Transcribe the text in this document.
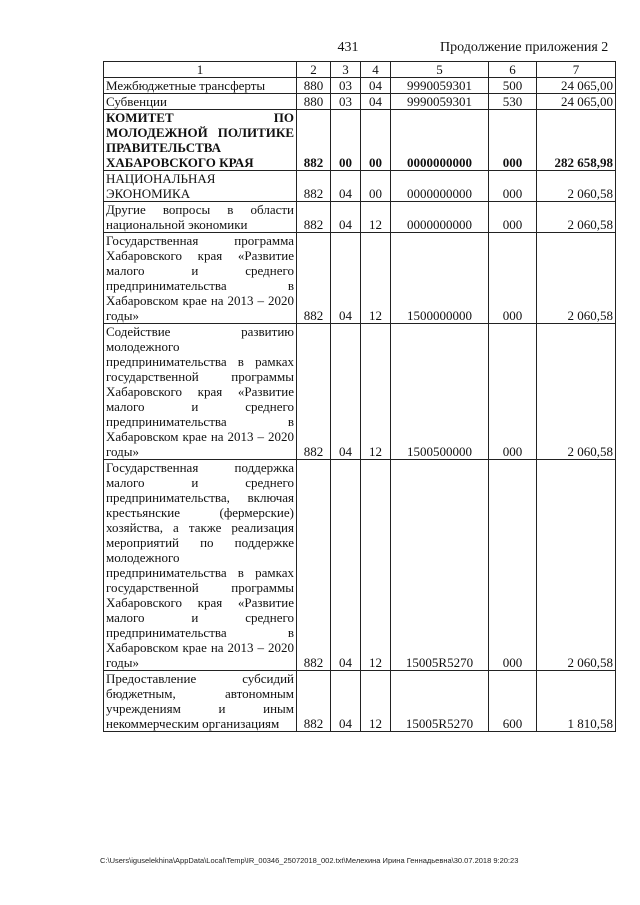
431	Продолжение приложения 2
1	2	3	4	5	6	7
Межбюджетные трансферты	880	03	04	9990059301	500	24 065,00
Субвенции	880	03	04	9990059301	530	24 065,00
КОМИТЕТ ПО МОЛОДЕЖНОЙ ПОЛИТИКЕ ПРАВИТЕЛЬСТВА ХАБАРОВСКОГО КРАЯ	882	00	00	0000000000	000	282 658,98
НАЦИОНАЛЬНАЯ ЭКОНОМИКА	882	04	00	0000000000	000	2 060,58
Другие вопросы в области национальной экономики	882	04	12	0000000000	000	2 060,58
Государственная программа Хабаровского края «Развитие малого и среднего предпринимательства в Хабаровском крае на 2013 – 2020 годы»	882	04	12	1500000000	000	2 060,58
Содействие развитию молодежного предпринимательства в рамках государственной программы Хабаровского края «Развитие малого и среднего предпринимательства в Хабаровском крае на 2013 – 2020 годы»	882	04	12	1500500000	000	2 060,58
Государственная поддержка малого и среднего предпринимательства, включая крестьянские (фермерские) хозяйства, а также реализация мероприятий по поддержке молодежного предпринимательства в рамках государственной программы Хабаровского края «Развитие малого и среднего предпринимательства в Хабаровском крае на 2013 – 2020 годы»	882	04	12	15005R5270	000	2 060,58
Предоставление субсидий бюджетным, автономным учреждениям и иным некоммерческим организациям	882	04	12	15005R5270	600	1 810,58
C:\Users\iguselekhina\AppData\Local\Temp\IR_00346_25072018_002.txt\Мелехина Ирина Геннадьевна\30.07.2018 9:20:23
